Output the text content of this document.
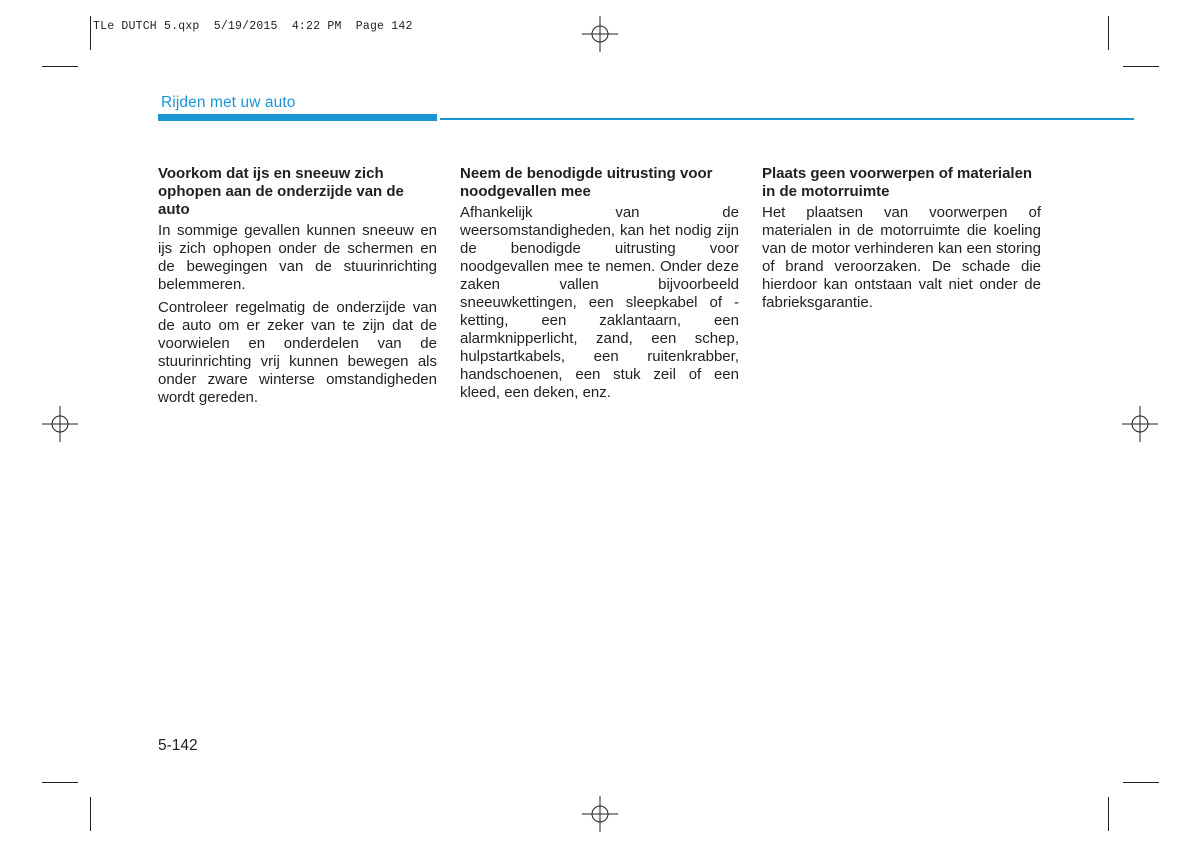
TLe DUTCH 5.qxp  5/19/2015  4:22 PM  Page 142
Rijden met uw auto
Voorkom dat ijs en sneeuw zich ophopen aan de onderzijde van de auto

In sommige gevallen kunnen sneeuw en ijs zich ophopen onder de schermen en de bewegingen van de stuurinrichting belemmeren.

Controleer regelmatig de onderzijde van de auto om er zeker van te zijn dat de voorwielen en onderdelen van de stuurinrichting vrij kunnen bewegen als onder zware winterse omstandigheden wordt gereden.

Neem de benodigde uitrusting voor noodgevallen mee

Afhankelijk van de weersomstandigheden, kan het nodig zijn de benodigde uitrusting voor noodgevallen mee te nemen. Onder deze zaken vallen bijvoorbeeld sneeuwkettingen, een sleepkabel of -ketting, een zaklantaarn, een alarmknipperlicht, zand, een schep, hulpstartkabels, een ruitenkrabber, handschoenen, een stuk zeil of een kleed, een deken, enz.

Plaats geen voorwerpen of materialen in de motorruimte

Het plaatsen van voorwerpen of materialen in de motorruimte die koeling van de motor verhinderen kan een storing of brand veroorzaken. De schade die hierdoor kan ontstaan valt niet onder de fabrieksgarantie.

5-142
